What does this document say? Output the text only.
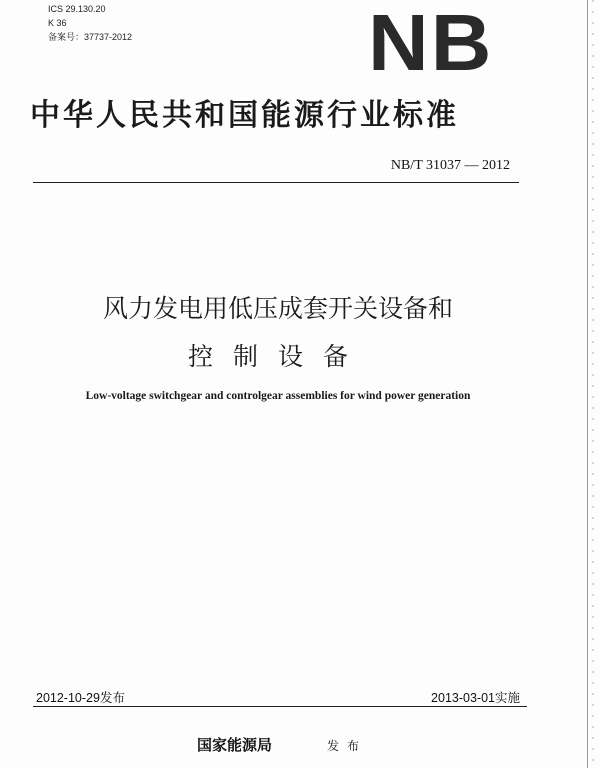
ICS 29.130.20
K 36
备案号：37737-2012	NB
中华人民共和国能源行业标准
NB/T 31037 — 2012
风力发电用低压成套开关设备和
控制设备
Low-voltage switchgear and controlgear assemblies for wind power generation
2012-10-29发布	2013-03-01实施
国家能源局	发布
